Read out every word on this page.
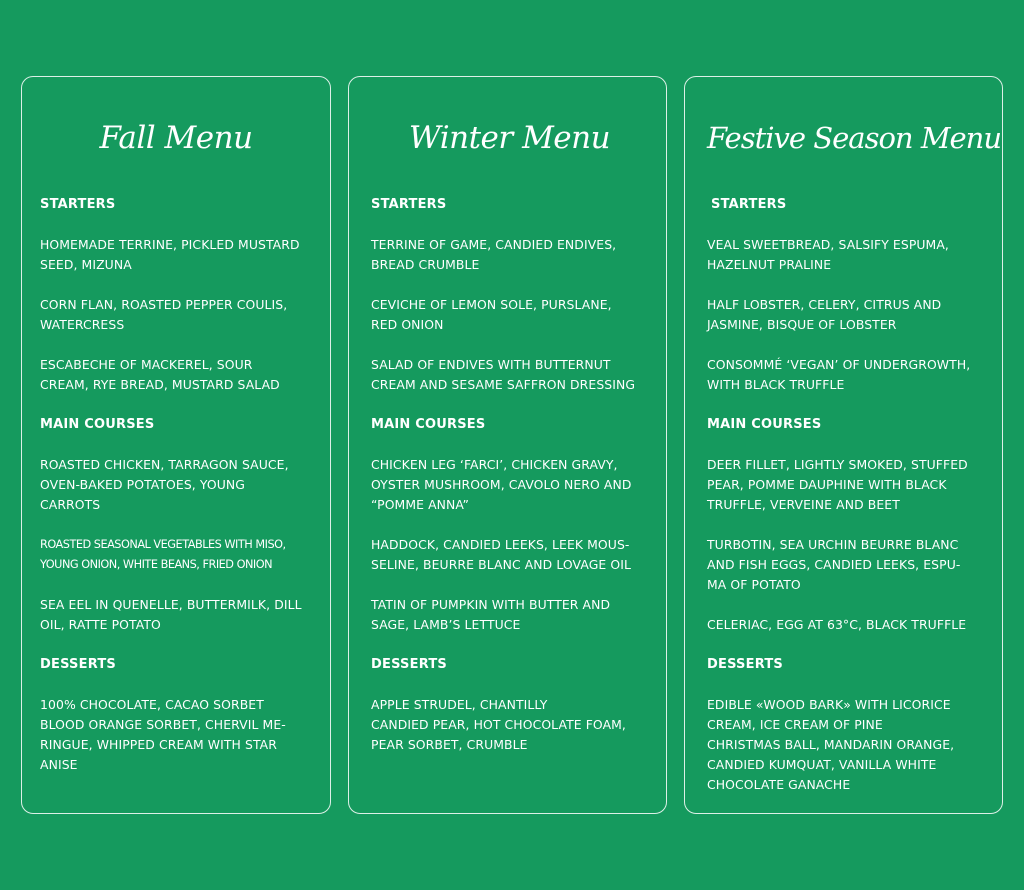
Fall Menu
STARTERS
HOMEMADE TERRINE, PICKLED MUSTARD
SEED, MIZUNA
CORN FLAN, ROASTED PEPPER COULIS,
WATERCRESS
ESCABECHE OF MACKEREL, SOUR
CREAM, RYE BREAD, MUSTARD SALAD
MAIN COURSES
ROASTED CHICKEN, TARRAGON SAUCE,
OVEN-BAKED POTATOES, YOUNG
CARROTS
ROASTED SEASONAL VEGETABLES WITH MISO,
YOUNG ONION, WHITE BEANS, FRIED ONION
SEA EEL IN QUENELLE, BUTTERMILK, DILL
OIL, RATTE POTATO
DESSERTS
100% CHOCOLATE, CACAO SORBET
BLOOD ORANGE SORBET, CHERVIL ME-
RINGUE, WHIPPED CREAM WITH STAR
ANISE
Winter Menu
STARTERS
TERRINE OF GAME, CANDIED ENDIVES,
BREAD CRUMBLE
CEVICHE OF LEMON SOLE, PURSLANE,
RED ONION
SALAD OF ENDIVES WITH BUTTERNUT
CREAM AND SESAME SAFFRON DRESSING
MAIN COURSES
CHICKEN LEG ‘FARCI’, CHICKEN GRAVY,
OYSTER MUSHROOM, CAVOLO NERO AND
“POMME ANNA”
HADDOCK, CANDIED LEEKS, LEEK MOUS-
SELINE, BEURRE BLANC AND LOVAGE OIL
TATIN OF PUMPKIN WITH BUTTER AND
SAGE, LAMB’S LETTUCE
DESSERTS
APPLE STRUDEL, CHANTILLY
CANDIED PEAR, HOT CHOCOLATE FOAM,
PEAR SORBET, CRUMBLE
Festive Season Menu
STARTERS
VEAL SWEETBREAD, SALSIFY ESPUMA,
HAZELNUT PRALINE
HALF LOBSTER, CELERY, CITRUS AND
JASMINE, BISQUE OF LOBSTER
CONSOMMÉ ‘VEGAN’ OF UNDERGROWTH,
WITH BLACK TRUFFLE
MAIN COURSES
DEER FILLET, LIGHTLY SMOKED, STUFFED
PEAR, POMME DAUPHINE WITH BLACK
TRUFFLE, VERVEINE AND BEET
TURBOTIN, SEA URCHIN BEURRE BLANC
AND FISH EGGS, CANDIED LEEKS, ESPU-
MA OF POTATO
CELERIAC, EGG AT 63°C, BLACK TRUFFLE
DESSERTS
EDIBLE «WOOD BARK» WITH LICORICE
CREAM, ICE CREAM OF PINE
CHRISTMAS BALL, MANDARIN ORANGE,
CANDIED KUMQUAT, VANILLA WHITE
CHOCOLATE GANACHE
